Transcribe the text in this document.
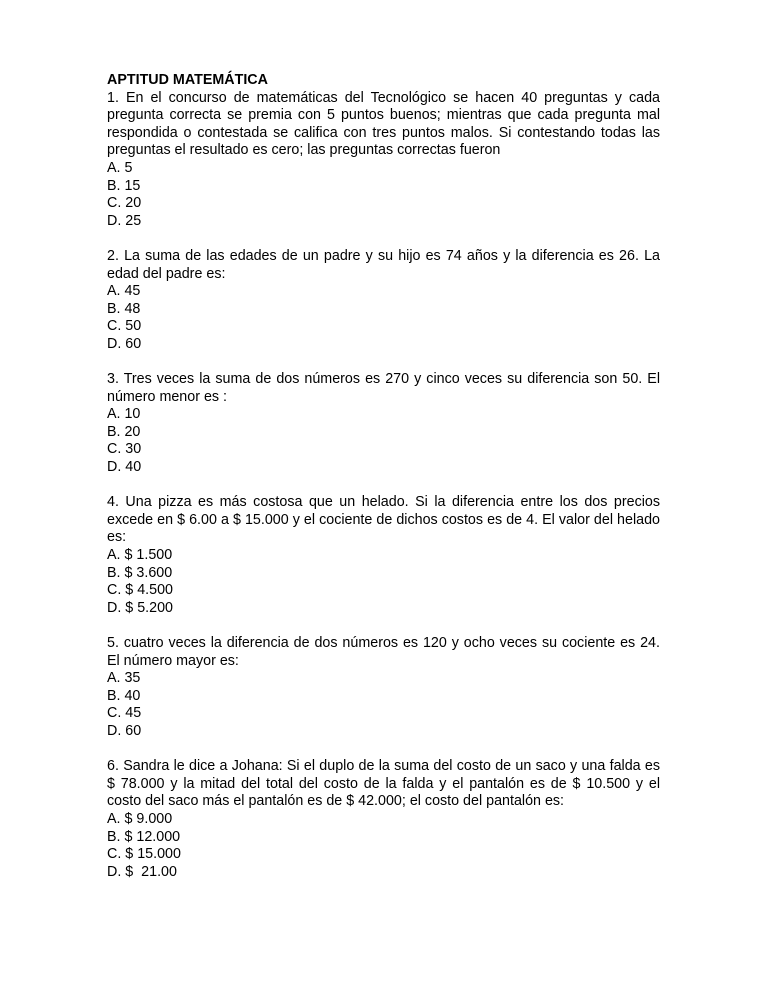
APTITUD MATEMÁTICA

1. En el concurso de matemáticas del Tecnológico se hacen 40 preguntas y cada pregunta correcta se premia con 5 puntos buenos; mientras que cada pregunta mal respondida o contestada se califica con tres puntos malos. Si contestando todas las preguntas el resultado es cero; las preguntas correctas fueron

A. 5

B. 15

C. 20

D. 25

2. La suma de las edades de un padre y su hijo es 74 años y la diferencia es 26. La edad del padre es:

A. 45

B. 48

C. 50

D. 60

3. Tres veces la suma de dos números es 270 y cinco veces su diferencia son 50. El número menor es :

A. 10

B. 20

C. 30

D. 40

4. Una pizza es más costosa que un helado. Si la diferencia entre los dos precios excede en $ 6.00 a $ 15.000 y el cociente de dichos costos es de 4. El valor del helado es:

A. $ 1.500

B. $ 3.600

C. $ 4.500

D. $ 5.200

5. cuatro veces la diferencia de dos números es 120 y ocho veces su cociente es 24. El número mayor es:

A. 35

B. 40

C. 45

D. 60

6. Sandra le dice a Johana: Si el duplo de la suma del costo de un saco y una falda es $ 78.000 y la mitad del total del costo de la falda y el pantalón es de $ 10.500 y el costo del saco más el pantalón es de $ 42.000; el costo del pantalón es:

A. $ 9.000

B. $ 12.000

C. $ 15.000

D. $  21.00
